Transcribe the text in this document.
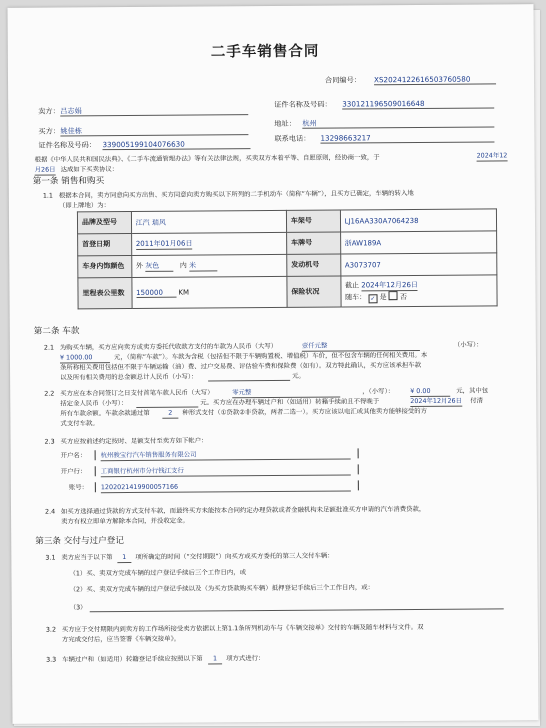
二手车销售合同
合同编号： XS2024122616503760580
卖方： 吕志娟
证件名称及号码： 330121196509016648
买方： 姚佳栋
地址： 杭州
证件名称及号码： 339005199104076630
联系电话： 13298663217
根据《中华人民共和国民法典》、《二手车流通管理办法》等有关法律法规，买卖双方本着平等、自愿原则，经协商一致，于	2024年12
月26日 达成如下买卖协议：
第一条 销售和购买
1.1 根据本合同，卖方同意向买方出售、买方同意向卖方购买以下所列的二手机动车（简称“车辆”），且买方已确定，车辆的转入地
（即上牌地）为：
品牌及型号	江汽 瑞风	车架号	LJ16AA330A7064238
首登日期	2011年01月06日	车牌号	浙AW189A
车身内饰颜色	外 灰色 内 米	发动机号	A3073707
里程表公里数	150000 KM	保险状况	截止 2024年12月26日
随车： ✓ 是 否
第二条 车款
2.1 为购买车辆，买方应向卖方或卖方委托代收款方支付的车款为人民币（大写）	壹仟元整	（小写）：
¥ 1000.00	元，（简称“车款”）。车款为含税（包括但不限于车辆购置税、增值税）车价，但不包含车辆的任何相关费用。本
条所称相关费用包括但不限于车辆运输（油）费、过户交易费、评估验车费和保险费（如有）。双方特此确认，买方应该承担车款
以及所有相关费用的总金额总计人民币（小写）：	元。
2.2 买方应在本合同签订之日支付首笔车款人民币（大写）	零元整	，（小写）： ¥ 0.00	元，其中包
括定金人民币（小写）：	元。买方应在办理车辆过户和（如适用）转籍手续前且不得晚于	2024年12月26日 付清
所有车款余额。车款余款通过第	2	种形式支付（①贷款②非贷款，两者二选一）。买方应该以电汇或其他卖方能够接受的方
式支付车款。
2.3 买方应按前述约定按时、足额支付至卖方如下帐户：
开户名： 杭州骏宝行汽车销售服务有限公司
开户行： 工商银行杭州市分行钱江支行
账号： 1202021419900057166
2.4 如买方选择通过贷款的方式支付车款，而最终买方未能按本合同约定办理贷款或者金融机构未足额批准买方申请的汽车消费贷款，
卖方有权立即单方解除本合同，并没收定金。
第三条 交付与过户登记
3.1 卖方应当于以下第	1	项所确定的时间（“交付期限”）向买方或买方委托的第三人交付车辆：
（1）买、卖双方完成车辆的过户登记手续后三个工作日内，或
（2）买、卖双方完成车辆的过户登记手续以及（为买方贷款购买车辆）抵押登记手续后三个工作日内，或：
（3）
3.2 买方应于交付期限内到卖方的工作场所接受卖方依据以上第1.1条所列机动车与《车辆交接单》交付的车辆及随车材料与文件。双
方完成交付后，应当签署《车辆交接单》。
3.3 车辆过户和（如适用）转籍登记手续应按照以下第	1	项方式进行：
